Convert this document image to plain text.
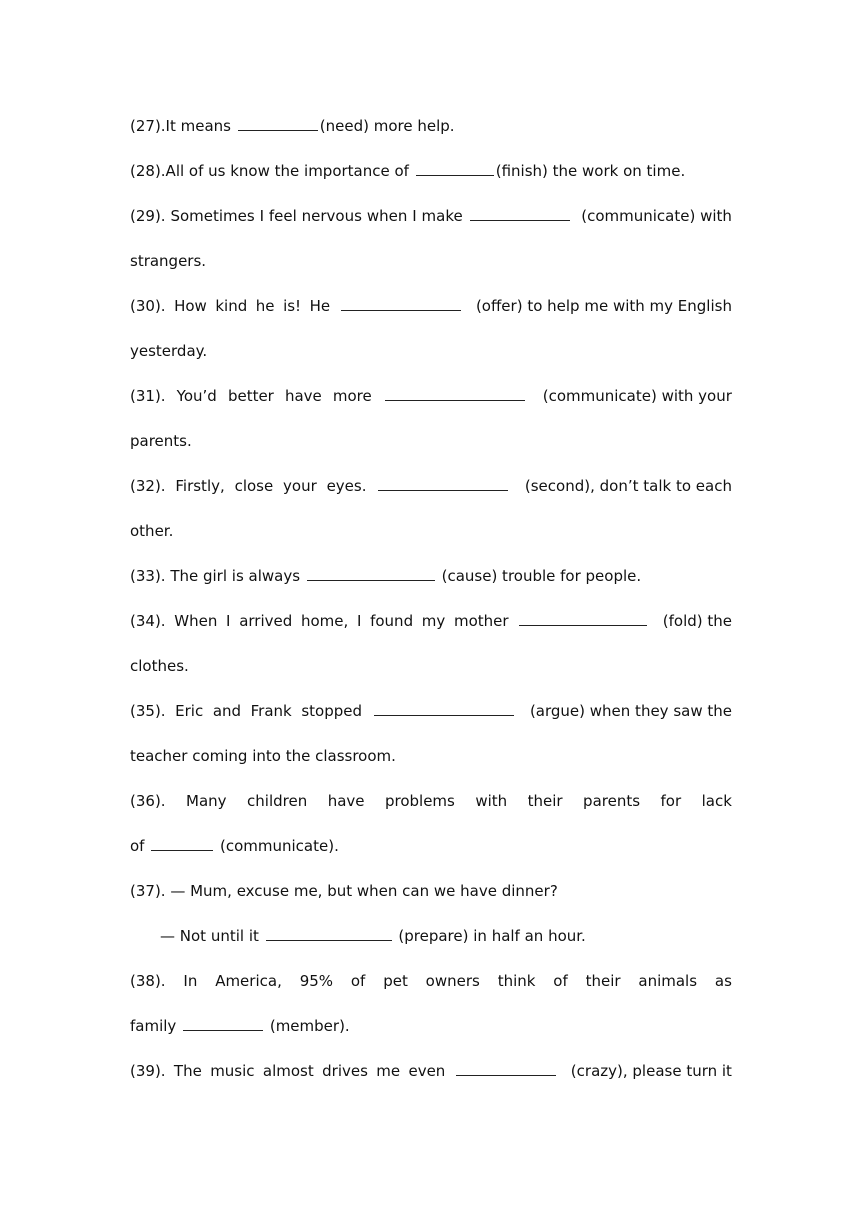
(27).It means	(need) more help.
(28).All of us know the importance of	(finish) the work on time.
(29). Sometimes I feel nervous when I make	(communicate) with
strangers.
(30). How kind he is! He	(offer) to help me with my English
yesterday.
(31). You’d better have more	(communicate) with your
parents.
(32). Firstly, close your eyes.	(second), don’t talk to each
other.
(33). The girl is always	(cause) trouble for people.
(34). When I arrived home, I found my mother	(fold) the
clothes.
(35). Eric and Frank stopped	(argue) when they saw the
teacher coming into the classroom.
(36). Many children have problems with their parents for lack
of	(communicate).
(37). — Mum, excuse me, but when can we have dinner?
— Not until it	(prepare) in half an hour.
(38). In America, 95% of pet owners think of their animals as
family	(member).
(39). The music almost drives me even	(crazy), please turn it
